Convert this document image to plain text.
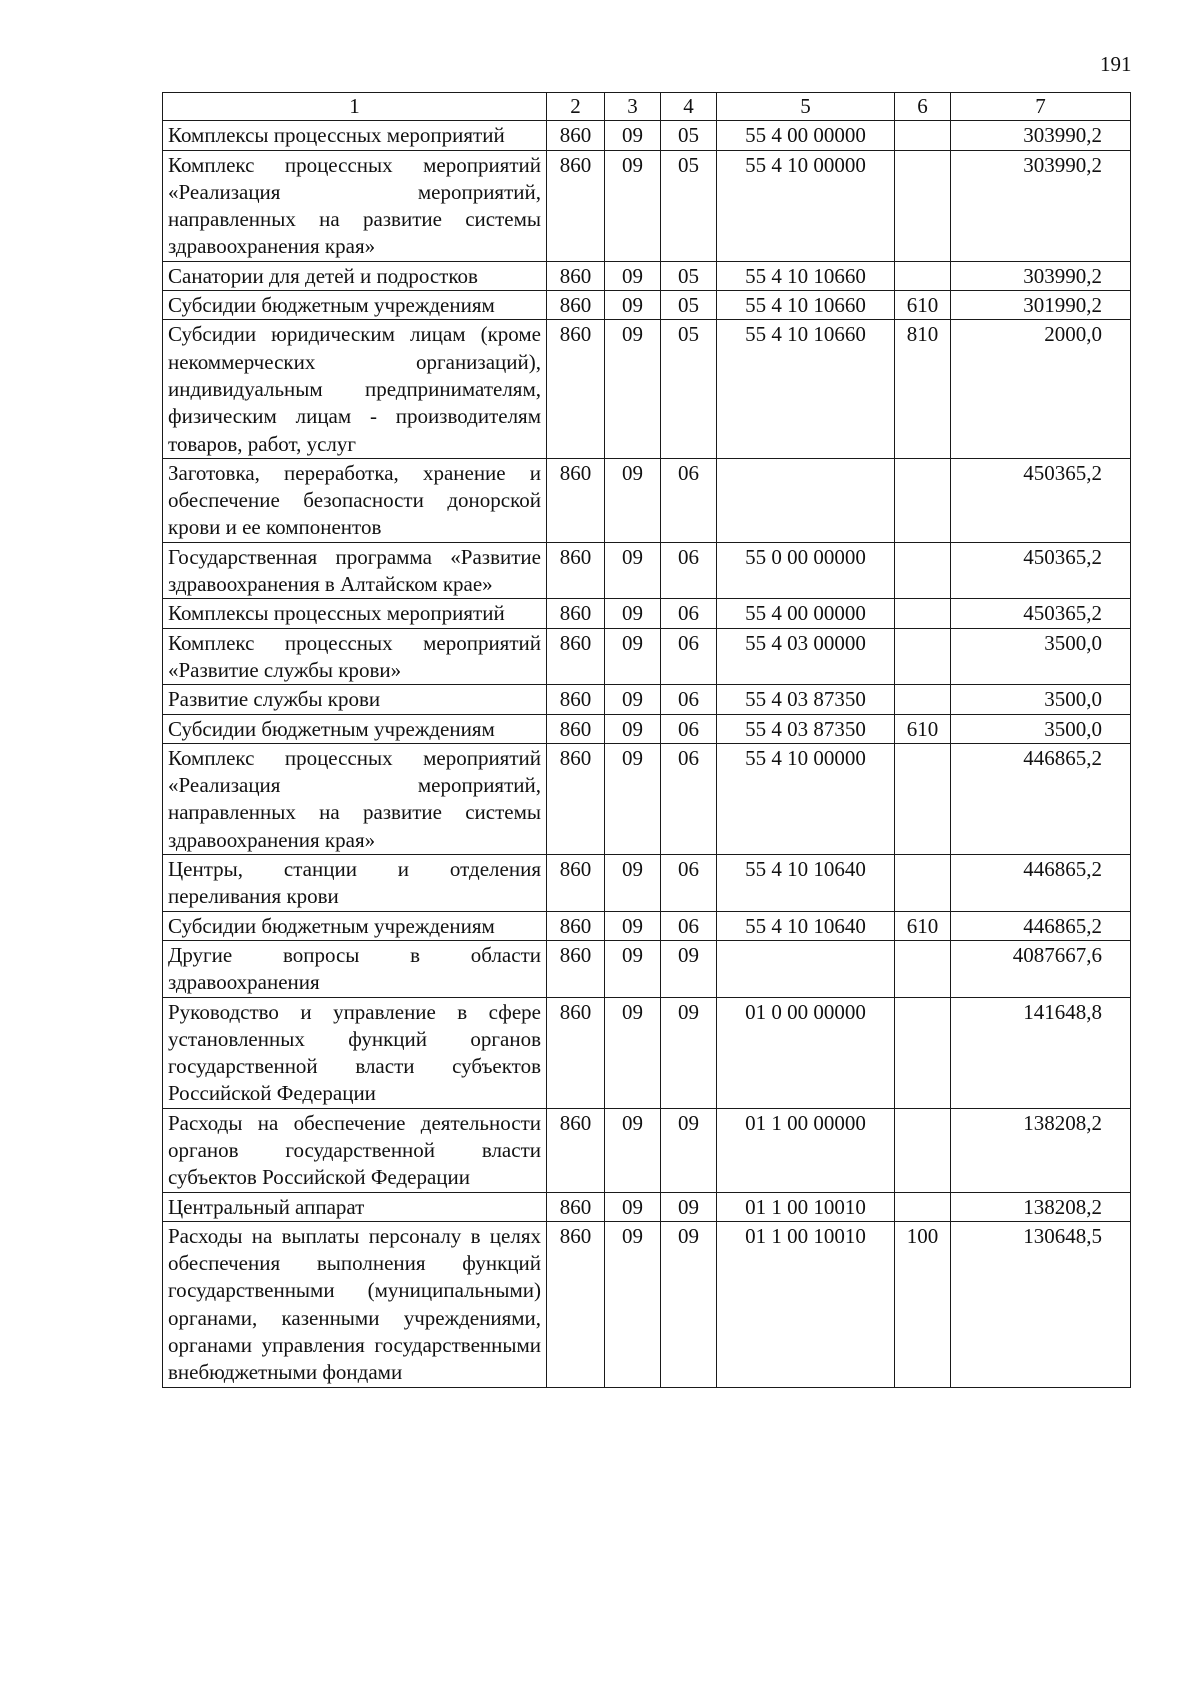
191
1	2	3	4	5	6	7
Комплексы процессных мероприятий	860	09	05	55 4 00 00000		303990,2
Комплекс процессных мероприятий «Реализация мероприятий, направленных на развитие системы здравоохранения края»	860	09	05	55 4 10 00000		303990,2
Санатории для детей и подростков	860	09	05	55 4 10 10660		303990,2
Субсидии бюджетным учреждениям	860	09	05	55 4 10 10660	610	301990,2
Субсидии юридическим лицам (кроме некоммерческих организаций), индивидуальным предпринимателям, физическим лицам - производителям товаров, работ, услуг	860	09	05	55 4 10 10660	810	2000,0
Заготовка, переработка, хранение и обеспечение безопасности донорской крови и ее компонентов	860	09	06			450365,2
Государственная программа «Развитие здравоохранения в Алтайском крае»	860	09	06	55 0 00 00000		450365,2
Комплексы процессных мероприятий	860	09	06	55 4 00 00000		450365,2
Комплекс процессных мероприятий «Развитие службы крови»	860	09	06	55 4 03 00000		3500,0
Развитие службы крови	860	09	06	55 4 03 87350		3500,0
Субсидии бюджетным учреждениям	860	09	06	55 4 03 87350	610	3500,0
Комплекс процессных мероприятий «Реализация мероприятий, направленных на развитие системы здравоохранения края»	860	09	06	55 4 10 00000		446865,2
Центры, станции и отделения переливания крови	860	09	06	55 4 10 10640		446865,2
Субсидии бюджетным учреждениям	860	09	06	55 4 10 10640	610	446865,2
Другие вопросы в области здравоохранения	860	09	09			4087667,6
Руководство и управление в сфере установленных функций органов государственной власти субъектов Российской Федерации	860	09	09	01 0 00 00000		141648,8
Расходы на обеспечение деятельности органов государственной власти субъектов Российской Федерации	860	09	09	01 1 00 00000		138208,2
Центральный аппарат	860	09	09	01 1 00 10010		138208,2
Расходы на выплаты персоналу в целях обеспечения выполнения функций государственными (муниципальными) органами, казенными учреждениями, органами управления государственными внебюджетными фондами	860	09	09	01 1 00 10010	100	130648,5
